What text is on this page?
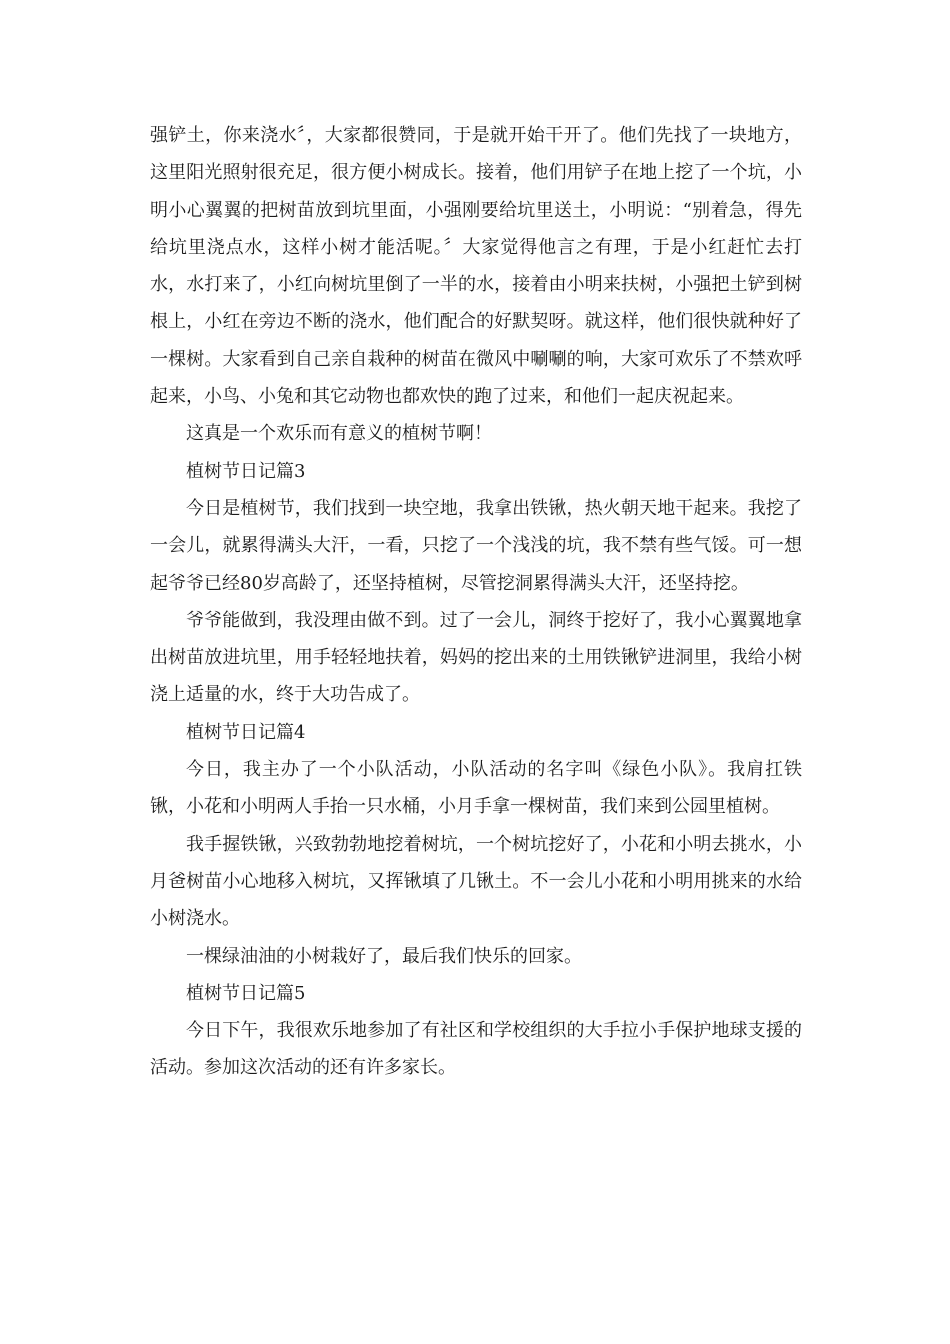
强铲土，你来浇水〞，大家都很赞同，于是就开始干开了。他们先找了一块地方，这里阳光照射很充足，很方便小树成长。接着，他们用铲子在地上挖了一个坑，小明小心翼翼的把树苗放到坑里面，小强刚要给坑里送土，小明说：“别着急，得先给坑里浇点水，这样小树才能活呢。〞大家觉得他言之有理，于是小红赶忙去打水，水打来了，小红向树坑里倒了一半的水，接着由小明来扶树，小强把土铲到树根上，小红在旁边不断的浇水，他们配合的好默契呀。就这样，他们很快就种好了一棵树。大家看到自己亲自栽种的树苗在微风中唰唰的响，大家可欢乐了不禁欢呼起来，小鸟、小兔和其它动物也都欢快的跑了过来，和他们一起庆祝起来。

这真是一个欢乐而有意义的植树节啊！

植树节日记篇3

今日是植树节，我们找到一块空地，我拿出铁锹，热火朝天地干起来。我挖了一会儿，就累得满头大汗，一看，只挖了一个浅浅的坑，我不禁有些气馁。可一想起爷爷已经80岁高龄了，还坚持植树，尽管挖洞累得满头大汗，还坚持挖。

爷爷能做到，我没理由做不到。过了一会儿，洞终于挖好了，我小心翼翼地拿出树苗放进坑里，用手轻轻地扶着，妈妈的挖出来的土用铁锹铲进洞里，我给小树浇上适量的水，终于大功告成了。

植树节日记篇4

今日，我主办了一个小队活动，小队活动的名字叫《绿色小队》。我肩扛铁锹，小花和小明两人手抬一只水桶，小月手拿一棵树苗，我们来到公园里植树。

我手握铁锹，兴致勃勃地挖着树坑，一个树坑挖好了，小花和小明去挑水，小月爸树苗小心地移入树坑，又挥锹填了几锹土。不一会儿小花和小明用挑来的水给小树浇水。

一棵绿油油的小树栽好了，最后我们快乐的回家。

植树节日记篇5

今日下午，我很欢乐地参加了有社区和学校组织的大手拉小手保护地球支援的活动。参加这次活动的还有许多家长。
